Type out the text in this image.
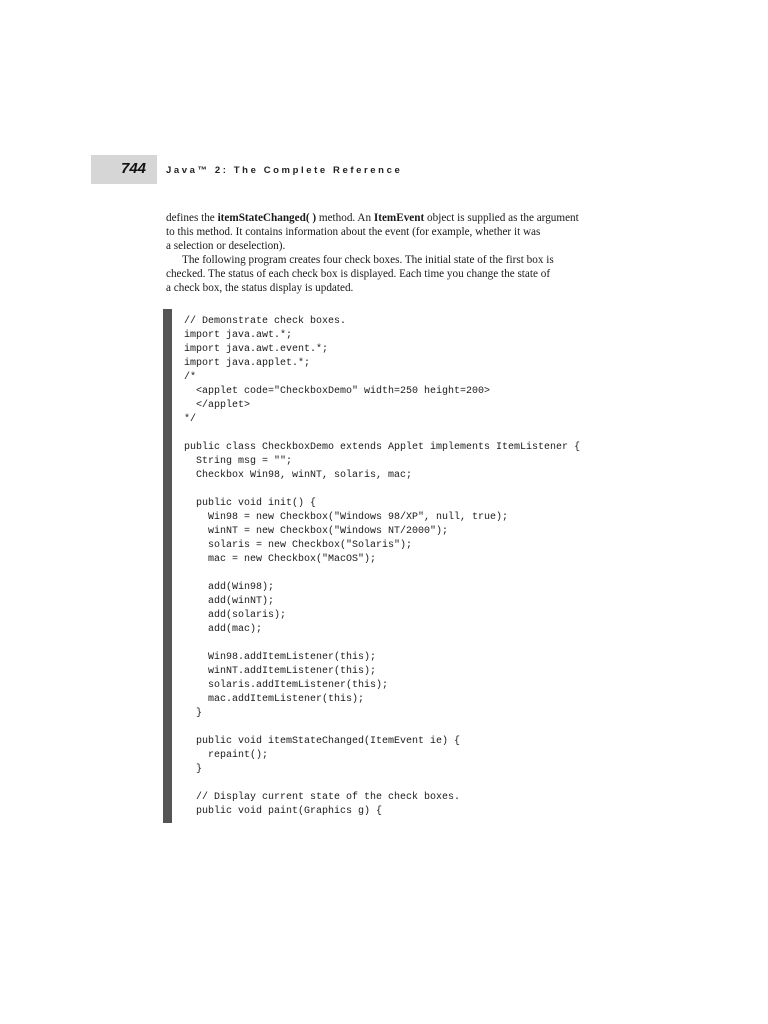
744 Java™ 2: The Complete Reference

defines the itemStateChanged( ) method. An ItemEvent object is supplied as the argument
to this method. It contains information about the event (for example, whether it was
a selection or deselection).

The following program creates four check boxes. The initial state of the first box is
checked. The status of each check box is displayed. Each time you change the state of
a check box, the status display is updated.

// Demonstrate check boxes.
import java.awt.*;
import java.awt.event.*;
import java.applet.*;
/*
<applet code="CheckboxDemo" width=250 height=200>
</applet>
*/
public class CheckboxDemo extends Applet implements ItemListener {
String msg = "";
Checkbox Win98, winNT, solaris, mac;
public void init() {
Win98 = new Checkbox("Windows 98/XP", null, true);
winNT = new Checkbox("Windows NT/2000");
solaris = new Checkbox("Solaris");
mac = new Checkbox("MacOS");
add(Win98);
add(winNT);
add(solaris);
add(mac);
Win98.addItemListener(this);
winNT.addItemListener(this);
solaris.addItemListener(this);
mac.addItemListener(this);
}
public void itemStateChanged(ItemEvent ie) {
repaint();
}
// Display current state of the check boxes.
public void paint(Graphics g) {
